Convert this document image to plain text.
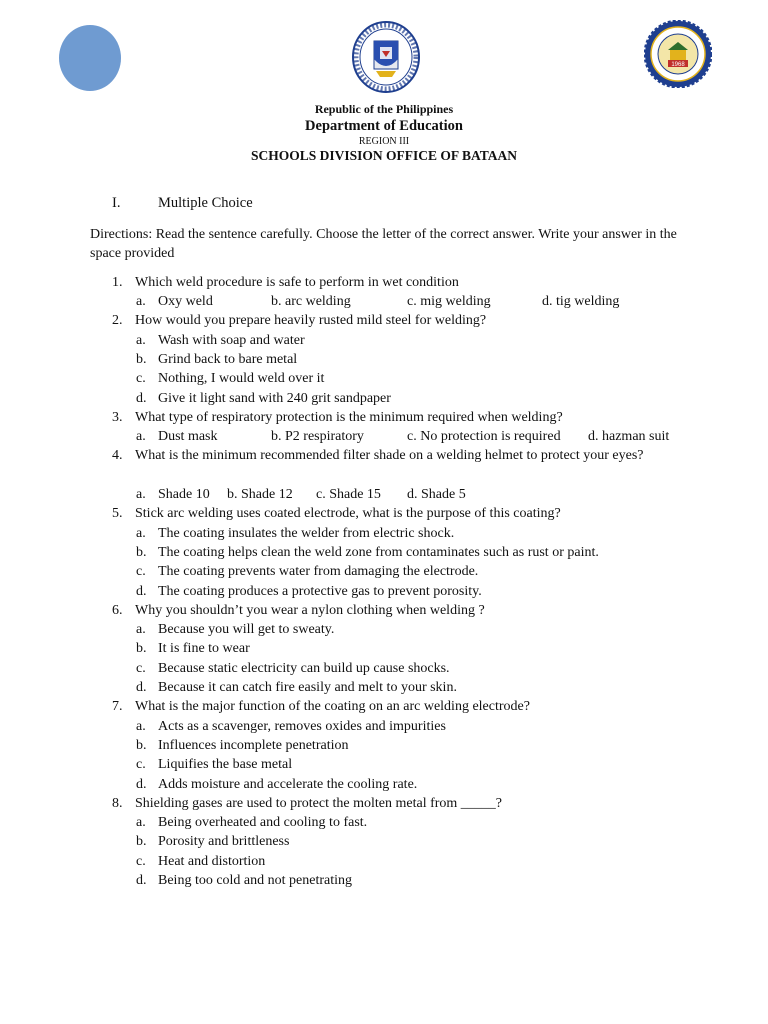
1968
Republic of the Philippines
Department of Education
REGION III
SCHOOLS DIVISION OFFICE OF BATAAN
I.	Multiple Choice
Directions: Read the sentence carefully. Choose the letter of the correct answer. Write your answer in the space provided
1. Which weld procedure is safe to perform in wet condition
a. Oxy weld	b. arc welding	c. mig welding	d. tig welding
2. How would you prepare heavily rusted mild steel for welding?
a. Wash with soap and water
b. Grind back to bare metal
c. Nothing, I would weld over it
d. Give it light sand with 240 grit sandpaper
3. What type of respiratory protection is the minimum required when welding?
a. Dust mask	b. P2 respiratory	c. No protection is required d. hazman suit
4. What is the minimum recommended filter shade on a welding helmet to protect your eyes?
a. Shade 10 b. Shade 12 c. Shade 15 d. Shade 5
5. Stick arc welding uses coated electrode, what is the purpose of this coating?
a. The coating insulates the welder from electric shock.
b. The coating helps clean the weld zone from contaminates such as rust or paint.
c. The coating prevents water from damaging the electrode.
d. The coating produces a protective gas to prevent porosity.
6. Why you shouldn’t you wear a nylon clothing when welding ?
a. Because you will get to sweaty.
b. It is fine to wear
c. Because static electricity can build up cause shocks.
d. Because it can catch fire easily and melt to your skin.
7. What is the major function of the coating on an arc welding electrode?
a. Acts as a scavenger, removes oxides and impurities
b. Influences incomplete penetration
c. Liquifies the base metal
d. Adds moisture and accelerate the cooling rate.
8. Shielding gases are used to protect the molten metal from _____?
a. Being overheated and cooling to fast.
b. Porosity and brittleness
c. Heat and distortion
d. Being too cold and not penetrating
